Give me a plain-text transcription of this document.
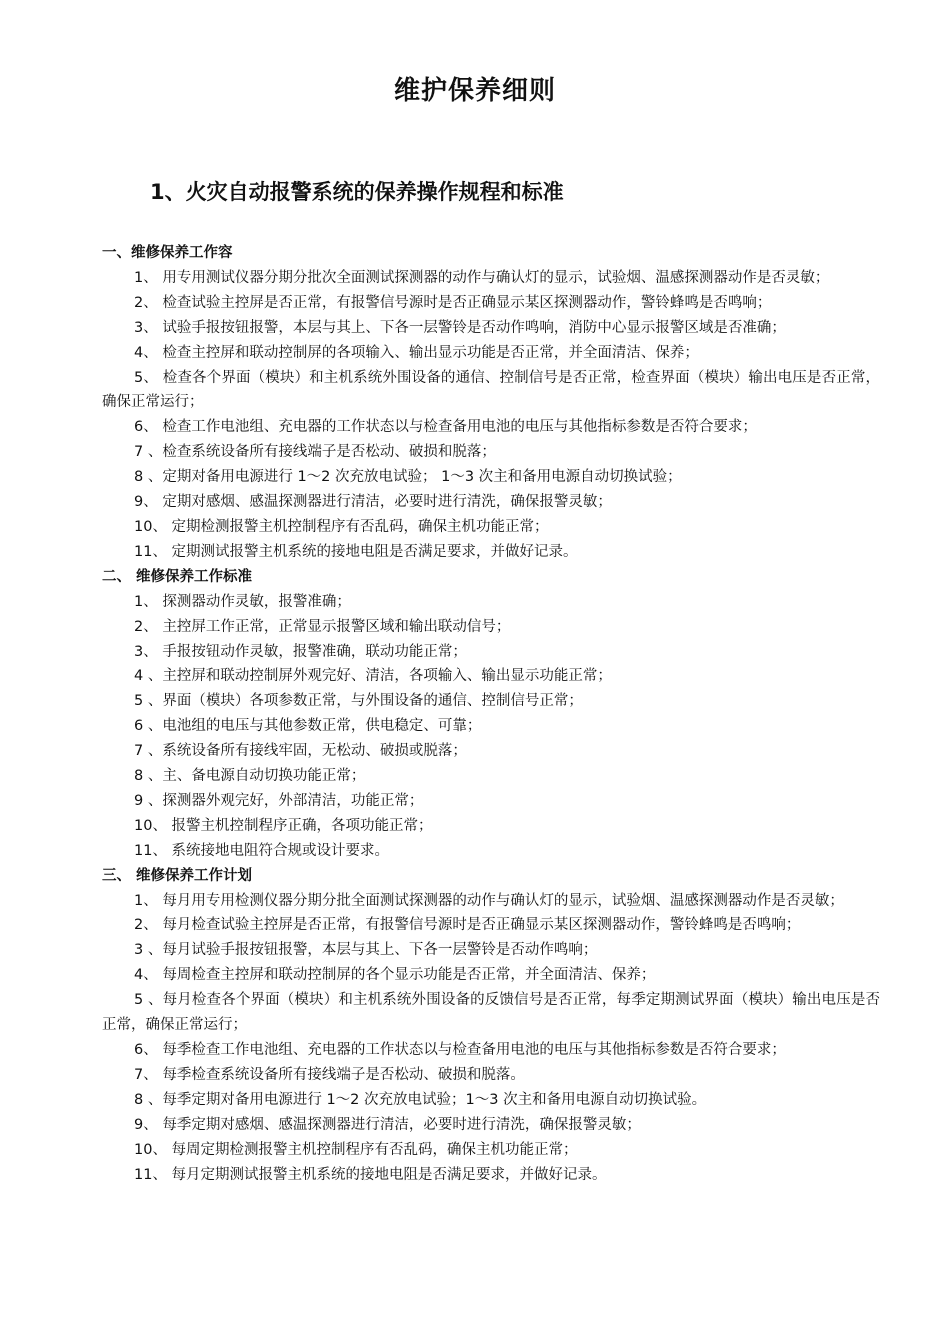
维护保养细则
1、火灾自动报警系统的保养操作规程和标准

一、维修保养工作容

1、 用专用测试仪器分期分批次全面测试探测器的动作与确认灯的显示，试验烟、温感探测器动作是否灵敏；

2、 检查试验主控屏是否正常，有报警信号源时是否正确显示某区探测器动作，警铃蜂鸣是否鸣响；

3、 试验手报按钮报警，本层与其上、下各一层警铃是否动作鸣响，消防中心显示报警区域是否准确；

4、 检查主控屏和联动控制屏的各项输入、输出显示功能是否正常，并全面清洁、保养；

5、 检查各个界面（模块）和主机系统外围设备的通信、控制信号是否正常，检查界面（模块）输出电压是否正常，确保正常运行；

6、 检查工作电池组、充电器的工作状态以与检查备用电池的电压与其他指标参数是否符合要求；

7 、检查系统设备所有接线端子是否松动、破损和脱落；

8 、定期对备用电源进行 1～2 次充放电试验； 1～3 次主和备用电源自动切换试验；

9、 定期对感烟、感温探测器进行清洁，必要时进行清洗，确保报警灵敏；

10、 定期检测报警主机控制程序有否乱码，确保主机功能正常；

11、 定期测试报警主机系统的接地电阻是否满足要求，并做好记录。

二、 维修保养工作标准

1、 探测器动作灵敏，报警准确；

2、 主控屏工作正常，正常显示报警区域和输出联动信号；

3、 手报按钮动作灵敏，报警准确，联动功能正常；

4 、主控屏和联动控制屏外观完好、清洁，各项输入、输出显示功能正常；

5 、界面（模块）各项参数正常，与外围设备的通信、控制信号正常；

6 、电池组的电压与其他参数正常，供电稳定、可靠；

7 、系统设备所有接线牢固，无松动、破损或脱落；

8 、主、备电源自动切换功能正常；

9 、探测器外观完好，外部清洁，功能正常；

10、 报警主机控制程序正确，各项功能正常；

11、 系统接地电阻符合规或设计要求。

三、 维修保养工作计划

1、 每月用专用检测仪器分期分批全面测试探测器的动作与确认灯的显示，试验烟、温感探测器动作是否灵敏；

2、 每月检查试验主控屏是否正常，有报警信号源时是否正确显示某区探测器动作，警铃蜂鸣是否鸣响；

3 、每月试验手报按钮报警，本层与其上、下各一层警铃是否动作鸣响；

4、 每周检查主控屏和联动控制屏的各个显示功能是否正常，并全面清洁、保养；

5 、每月检查各个界面（模块）和主机系统外围设备的反馈信号是否正常，每季定期测试界面（模块）输出电压是否正常，确保正常运行；

6、 每季检查工作电池组、充电器的工作状态以与检查备用电池的电压与其他指标参数是否符合要求；

7、 每季检查系统设备所有接线端子是否松动、破损和脱落。

8 、每季定期对备用电源进行 1～2 次充放电试验；1～3 次主和备用电源自动切换试验。

9、 每季定期对感烟、感温探测器进行清洁，必要时进行清洗，确保报警灵敏；

10、 每周定期检测报警主机控制程序有否乱码，确保主机功能正常；

11、 每月定期测试报警主机系统的接地电阻是否满足要求，并做好记录。
